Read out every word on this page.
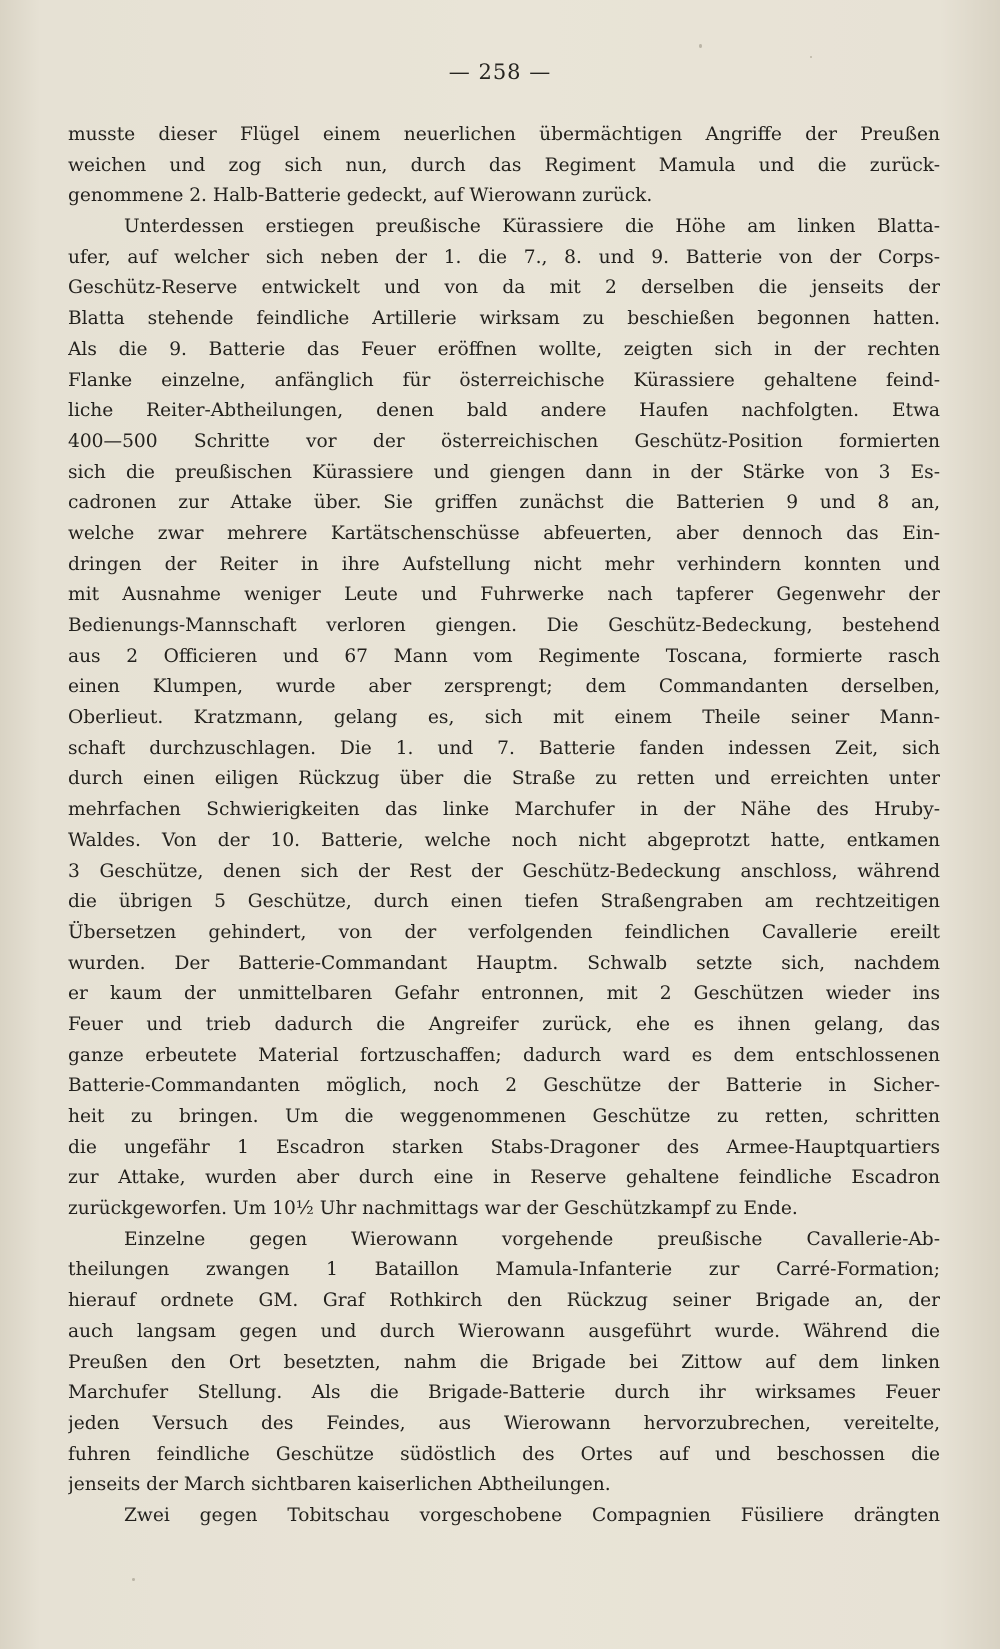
— 258 —
musste dieser Flügel einem neuerlichen übermächtigen Angriffe der Preußen
weichen und zog sich nun, durch das Regiment Mamula und die zurück-
genommene 2. Halb-Batterie gedeckt, auf Wierowann zurück.
Unterdessen erstiegen preußische Kürassiere die Höhe am linken Blatta-
ufer, auf welcher sich neben der 1. die 7., 8. und 9. Batterie von der Corps-
Geschütz-Reserve entwickelt und von da mit 2 derselben die jenseits der
Blatta stehende feindliche Artillerie wirksam zu beschießen begonnen hatten.
Als die 9. Batterie das Feuer eröffnen wollte, zeigten sich in der rechten
Flanke einzelne, anfänglich für österreichische Kürassiere gehaltene feind-
liche Reiter-Abtheilungen, denen bald andere Haufen nachfolgten. Etwa
400—500 Schritte vor der österreichischen Geschütz-Position formierten
sich die preußischen Kürassiere und giengen dann in der Stärke von 3 Es-
cadronen zur Attake über. Sie griffen zunächst die Batterien 9 und 8 an,
welche zwar mehrere Kartätschenschüsse abfeuerten, aber dennoch das Ein-
dringen der Reiter in ihre Aufstellung nicht mehr verhindern konnten und
mit Ausnahme weniger Leute und Fuhrwerke nach tapferer Gegenwehr der
Bedienungs-Mannschaft verloren giengen. Die Geschütz-Bedeckung, bestehend
aus 2 Officieren und 67 Mann vom Regimente Toscana, formierte rasch
einen Klumpen, wurde aber zersprengt; dem Commandanten derselben,
Oberlieut. Kratzmann, gelang es, sich mit einem Theile seiner Mann-
schaft durchzuschlagen. Die 1. und 7. Batterie fanden indessen Zeit, sich
durch einen eiligen Rückzug über die Straße zu retten und erreichten unter
mehrfachen Schwierigkeiten das linke Marchufer in der Nähe des Hruby-
Waldes. Von der 10. Batterie, welche noch nicht abgeprotzt hatte, entkamen
3 Geschütze, denen sich der Rest der Geschütz-Bedeckung anschloss, während
die übrigen 5 Geschütze, durch einen tiefen Straßengraben am rechtzeitigen
Übersetzen gehindert, von der verfolgenden feindlichen Cavallerie ereilt
wurden. Der Batterie-Commandant Hauptm. Schwalb setzte sich, nachdem
er kaum der unmittelbaren Gefahr entronnen, mit 2 Geschützen wieder ins
Feuer und trieb dadurch die Angreifer zurück, ehe es ihnen gelang, das
ganze erbeutete Material fortzuschaffen; dadurch ward es dem entschlossenen
Batterie-Commandanten möglich, noch 2 Geschütze der Batterie in Sicher-
heit zu bringen. Um die weggenommenen Geschütze zu retten, schritten
die ungefähr 1 Escadron starken Stabs-Dragoner des Armee-Hauptquartiers
zur Attake, wurden aber durch eine in Reserve gehaltene feindliche Escadron
zurückgeworfen. Um 10½ Uhr nachmittags war der Geschützkampf zu Ende.
Einzelne gegen Wierowann vorgehende preußische Cavallerie-Ab-
theilungen zwangen 1 Bataillon Mamula-Infanterie zur Carré-Formation;
hierauf ordnete GM. Graf Rothkirch den Rückzug seiner Brigade an, der
auch langsam gegen und durch Wierowann ausgeführt wurde. Während die
Preußen den Ort besetzten, nahm die Brigade bei Zittow auf dem linken
Marchufer Stellung. Als die Brigade-Batterie durch ihr wirksames Feuer
jeden Versuch des Feindes, aus Wierowann hervorzubrechen, vereitelte,
fuhren feindliche Geschütze südöstlich des Ortes auf und beschossen die
jenseits der March sichtbaren kaiserlichen Abtheilungen.
Zwei gegen Tobitschau vorgeschobene Compagnien Füsiliere drängten
